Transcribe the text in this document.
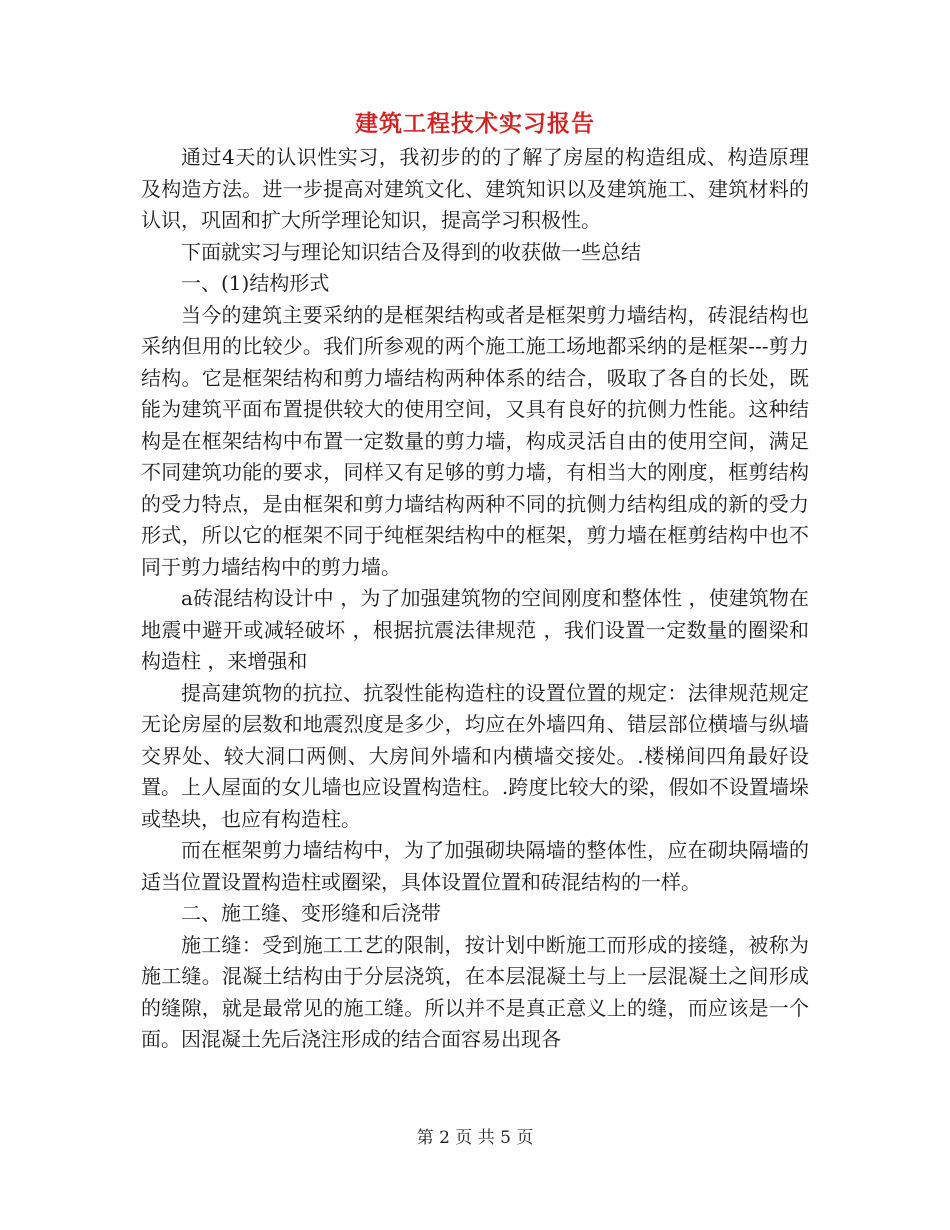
建筑工程技术实习报告

通过4天的认识性实习，我初步的的了解了房屋的构造组成、构造原理及构造方法。进一步提高对建筑文化、建筑知识以及建筑施工、建筑材料的认识，巩固和扩大所学理论知识，提高学习积极性。

下面就实习与理论知识结合及得到的收获做一些总结

一、(1)结构形式

当今的建筑主要采纳的是框架结构或者是框架剪力墙结构，砖混结构也采纳但用的比较少。我们所参观的两个施工施工场地都采纳的是框架---剪力结构。它是框架结构和剪力墙结构两种体系的结合，吸取了各自的长处，既能为建筑平面布置提供较大的使用空间，又具有良好的抗侧力性能。这种结构是在框架结构中布置一定数量的剪力墙，构成灵活自由的使用空间，满足不同建筑功能的要求，同样又有足够的剪力墙，有相当大的刚度，框剪结构的受力特点，是由框架和剪力墙结构两种不同的抗侧力结构组成的新的受力形式，所以它的框架不同于纯框架结构中的框架，剪力墙在框剪结构中也不同于剪力墙结构中的剪力墙。

a砖混结构设计中 ，为了加强建筑物的空间刚度和整体性 ，使建筑物在地震中避开或减轻破坏 ，根据抗震法律规范 ，我们设置一定数量的圈梁和构造柱 ，来增强和

提高建筑物的抗拉、抗裂性能构造柱的设置位置的规定：法律规范规定无论房屋的层数和地震烈度是多少，均应在外墙四角、错层部位横墙与纵墙交界处、较大洞口两侧、大房间外墙和内横墙交接处。.楼梯间四角最好设置。上人屋面的女儿墙也应设置构造柱。.跨度比较大的梁，假如不设置墙垛或垫块，也应有构造柱。

而在框架剪力墙结构中，为了加强砌块隔墙的整体性，应在砌块隔墙的适当位置设置构造柱或圈梁，具体设置位置和砖混结构的一样。

二、施工缝、变形缝和后浇带

施工缝：受到施工工艺的限制，按计划中断施工而形成的接缝，被称为施工缝。混凝土结构由于分层浇筑，在本层混凝土与上一层混凝土之间形成的缝隙，就是最常见的施工缝。所以并不是真正意义上的缝，而应该是一个面。因混凝土先后浇注形成的结合面容易出现各

第 2 页 共 5 页
